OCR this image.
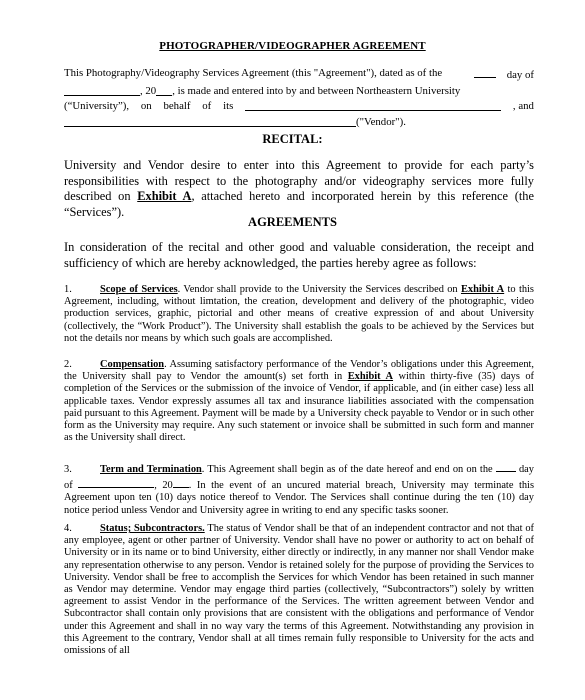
PHOTOGRAPHER/VIDEOGRAPHER AGREEMENT
This Photography/Videography Services Agreement (this "Agreement"), dated as of the	day of
, 20 , is made and entered into by and between Northeastern University
(“University”), on behalf of its	, and
("Vendor").
RECITAL:
University and Vendor desire to enter into this Agreement to provide for each party’s responsibilities with respect to the photography and/or videography services more fully described on Exhibit A, attached hereto and incorporated herein by this reference (the “Services”).
AGREEMENTS
In consideration of the recital and other good and valuable consideration, the receipt and sufficiency of which are hereby acknowledged, the parties hereby agree as follows:
1.	Scope of Services. Vendor shall provide to the University the Services described on Exhibit A to this Agreement, including, without limtation, the creation, development and delivery of the photographic, video production services, graphic, pictorial and other means of creative expression of and about University (collectively, the “Work Product”). The University shall establish the goals to be achieved by the Services but not the details nor means by which such goals are accomplished.
2.	Compensation. Assuming satisfactory performance of the Vendor’s obligations under this Agreement, the University shall pay to Vendor the amount(s) set forth in Exhibit A within thirty-five (35) days of completion of the Services or the submission of the invoice of Vendor, if applicable, and (in either case) less all applicable taxes. Vendor expressly assumes all tax and insurance liabilities associated with the compensation paid pursuant to this Agreement. Payment will be made by a University check payable to Vendor or in such other form as the University may require. Any such statement or invoice shall be submitted in such form and manner as the University shall direct.
3.	Term and Termination. This Agreement shall begin as of the date hereof and end on on the	day of	, 20 . In the event of an uncured material breach, University may terminate this Agreement upon ten (10) days notice thereof to Vendor. The Services shall continue during the ten (10) day notice period unless Vendor and University agree in writing to end any specific tasks sooner.
4.	Status; Subcontractors. The status of Vendor shall be that of an independent contractor and not that of any employee, agent or other partner of University. Vendor shall have no power or authority to act on behalf of University or in its name or to bind University, either directly or indirectly, in any manner nor shall Vendor make any representation otherwise to any person. Vendor is retained solely for the purpose of providing the Services to University. Vendor shall be free to accomplish the Services for which Vendor has been retained in such manner as Vendor may determine. Vendor may engage third parties (collectively, “Subcontractors”) solely by written agreement to assist Vendor in the performance of the Services. The written agreement between Vendor and Subcontractor shall contain only provisions that are consistent with the obligations and performance of Vendor under this Agreement and shall in no way vary the terms of this Agreement. Notwithstanding any provision in this Agreement to the contrary, Vendor shall at all times remain fully responsible to University for the acts and omissions of all
